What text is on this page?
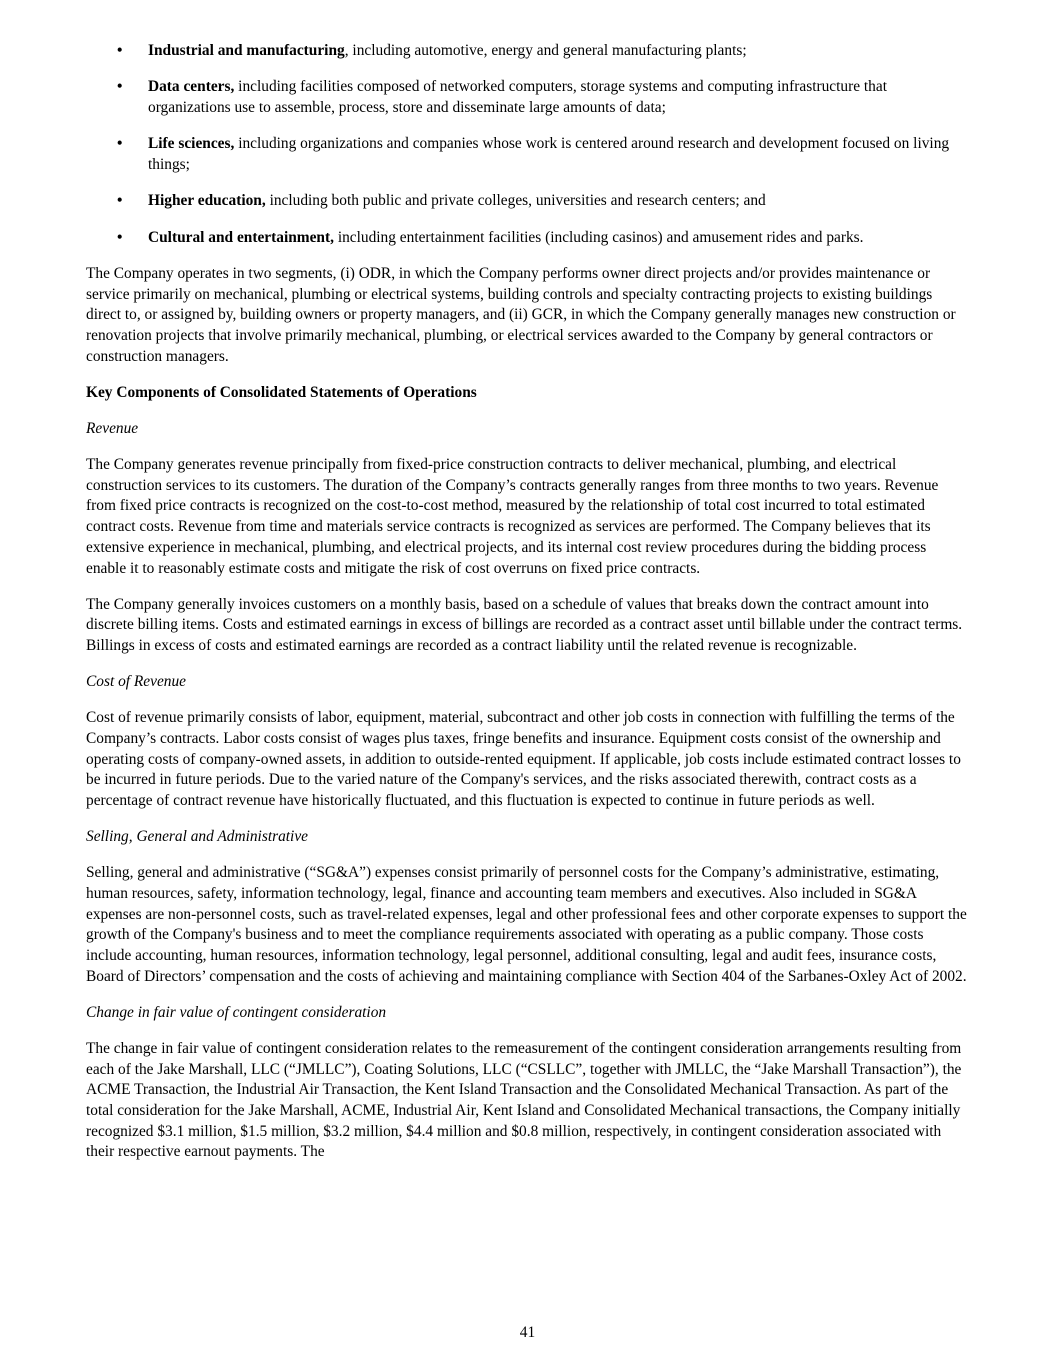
• Industrial and manufacturing, including automotive, energy and general manufacturing plants;
• Data centers, including facilities composed of networked computers, storage systems and computing infrastructure that organizations use to assemble, process, store and disseminate large amounts of data;
• Life sciences, including organizations and companies whose work is centered around research and development focused on living things;
• Higher education, including both public and private colleges, universities and research centers; and
• Cultural and entertainment, including entertainment facilities (including casinos) and amusement rides and parks.

The Company operates in two segments, (i) ODR, in which the Company performs owner direct projects and/or provides maintenance or service primarily on mechanical, plumbing or electrical systems, building controls and specialty contracting projects to existing buildings direct to, or assigned by, building owners or property managers, and (ii) GCR, in which the Company generally manages new construction or renovation projects that involve primarily mechanical, plumbing, or electrical services awarded to the Company by general contractors or construction managers.

Key Components of Consolidated Statements of Operations

Revenue

The Company generates revenue principally from fixed-price construction contracts to deliver mechanical, plumbing, and electrical construction services to its customers. The duration of the Company’s contracts generally ranges from three months to two years. Revenue from fixed price contracts is recognized on the cost-to-cost method, measured by the relationship of total cost incurred to total estimated contract costs. Revenue from time and materials service contracts is recognized as services are performed. The Company believes that its extensive experience in mechanical, plumbing, and electrical projects, and its internal cost review procedures during the bidding process enable it to reasonably estimate costs and mitigate the risk of cost overruns on fixed price contracts.

The Company generally invoices customers on a monthly basis, based on a schedule of values that breaks down the contract amount into discrete billing items. Costs and estimated earnings in excess of billings are recorded as a contract asset until billable under the contract terms. Billings in excess of costs and estimated earnings are recorded as a contract liability until the related revenue is recognizable.

Cost of Revenue

Cost of revenue primarily consists of labor, equipment, material, subcontract and other job costs in connection with fulfilling the terms of the Company’s contracts. Labor costs consist of wages plus taxes, fringe benefits and insurance. Equipment costs consist of the ownership and operating costs of company-owned assets, in addition to outside-rented equipment. If applicable, job costs include estimated contract losses to be incurred in future periods. Due to the varied nature of the Company's services, and the risks associated therewith, contract costs as a percentage of contract revenue have historically fluctuated, and this fluctuation is expected to continue in future periods as well.

Selling, General and Administrative

Selling, general and administrative (“SG&A”) expenses consist primarily of personnel costs for the Company’s administrative, estimating, human resources, safety, information technology, legal, finance and accounting team members and executives. Also included in SG&A expenses are non-personnel costs, such as travel-related expenses, legal and other professional fees and other corporate expenses to support the growth of the Company's business and to meet the compliance requirements associated with operating as a public company. Those costs include accounting, human resources, information technology, legal personnel, additional consulting, legal and audit fees, insurance costs, Board of Directors’ compensation and the costs of achieving and maintaining compliance with Section 404 of the Sarbanes-Oxley Act of 2002.

Change in fair value of contingent consideration

The change in fair value of contingent consideration relates to the remeasurement of the contingent consideration arrangements resulting from each of the Jake Marshall, LLC (“JMLLC”), Coating Solutions, LLC (“CSLLC”, together with JMLLC, the “Jake Marshall Transaction”), the ACME Transaction, the Industrial Air Transaction, the Kent Island Transaction and the Consolidated Mechanical Transaction. As part of the total consideration for the Jake Marshall, ACME, Industrial Air, Kent Island and Consolidated Mechanical transactions, the Company initially recognized $3.1 million, $1.5 million, $3.2 million, $4.4 million and $0.8 million, respectively, in contingent consideration associated with their respective earnout payments. The

41
